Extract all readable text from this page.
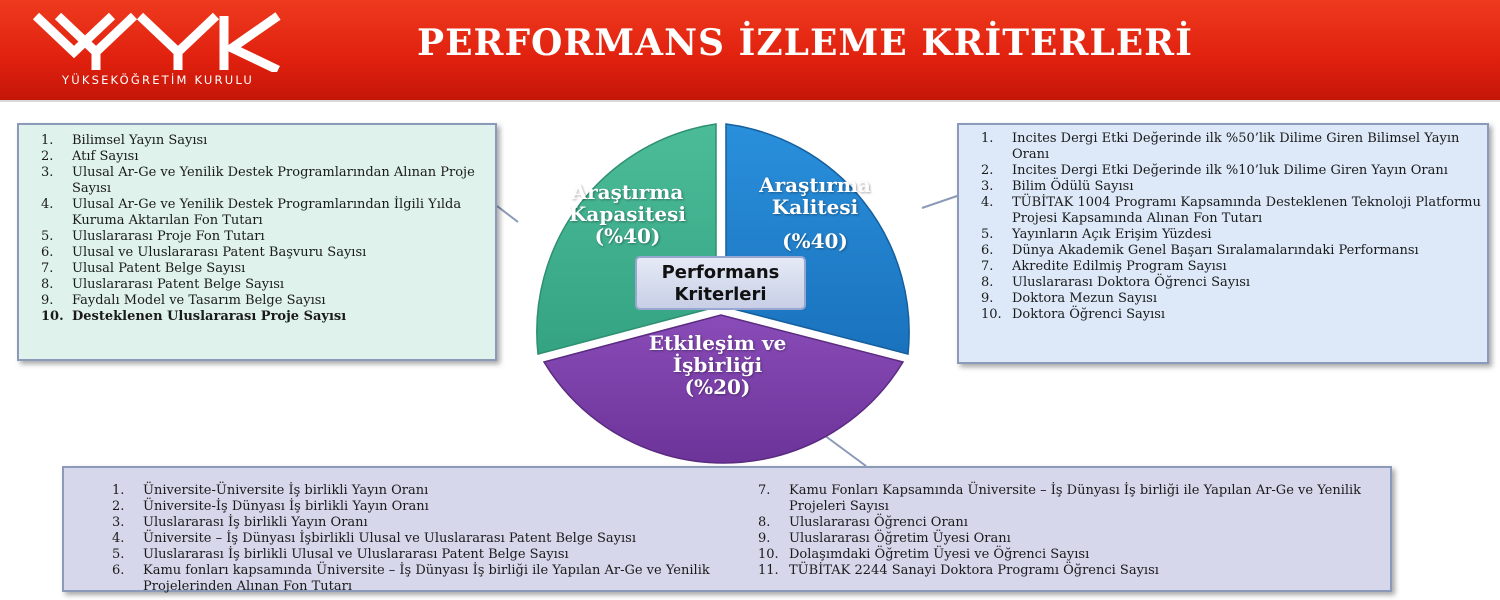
YÜKSEKÖĞRETİM KURULU
PERFORMANS İZLEME KRİTERLERİ
Araştırma Kapasitesi
(%40)
Araştırma Kalitesi
(%40)
Etkileşim ve İşbirliği
(%20)
Performans Kriterleri
1.	Bilimsel Yayın Sayısı
2.	Atıf Sayısı
3.	Ulusal Ar-Ge ve Yenilik Destek Programlarından Alınan Proje Sayısı
4.	Ulusal Ar-Ge ve Yenilik Destek Programlarından İlgili Yılda Kuruma Aktarılan Fon Tutarı
5.	Uluslararası Proje Fon Tutarı
6.	Ulusal ve Uluslararası Patent Başvuru Sayısı
7.	Ulusal Patent Belge Sayısı
8.	Uluslararası Patent Belge Sayısı
9.	Faydalı Model ve Tasarım Belge Sayısı
10. Desteklenen Uluslararası Proje Sayısı
1.	Incites Dergi Etki Değerinde ilk %50’lik Dilime Giren Bilimsel Yayın Oranı
2.	Incites Dergi Etki Değerinde ilk %10’luk Dilime Giren Yayın Oranı
3.	Bilim Ödülü Sayısı
4.	TÜBİTAK 1004 Programı Kapsamında Desteklenen Teknoloji Platformu Projesi Kapsamında Alınan Fon Tutarı
5.	Yayınların Açık Erişim Yüzdesi
6.	Dünya Akademik Genel Başarı Sıralamalarındaki Performansı
7.	Akredite Edilmiş Program Sayısı
8.	Uluslararası Doktora Öğrenci Sayısı
9.	Doktora Mezun Sayısı
10. Doktora Öğrenci Sayısı
1.	Üniversite-Üniversite İş birlikli Yayın Oranı
2.	Üniversite-İş Dünyası İş birlikli Yayın Oranı
3.	Uluslararası İş birlikli Yayın Oranı
4.	Üniversite – İş Dünyası İşbirlikli Ulusal ve Uluslararası Patent Belge Sayısı
5.	Uluslararası İş birlikli Ulusal ve Uluslararası Patent Belge Sayısı
6.	Kamu fonları kapsamında Üniversite – İş Dünyası İş birliği ile Yapılan Ar-Ge ve Yenilik Projelerinden Alınan Fon Tutarı
7.	Kamu Fonları Kapsamında Üniversite – İş Dünyası İş birliği ile Yapılan Ar-Ge ve Yenilik Projeleri Sayısı
8.	Uluslararası Öğrenci Oranı
9.	Uluslararası Öğretim Üyesi Oranı
10. Dolaşımdaki Öğretim Üyesi ve Öğrenci Sayısı
11. TÜBİTAK 2244 Sanayi Doktora Programı Öğrenci Sayısı
